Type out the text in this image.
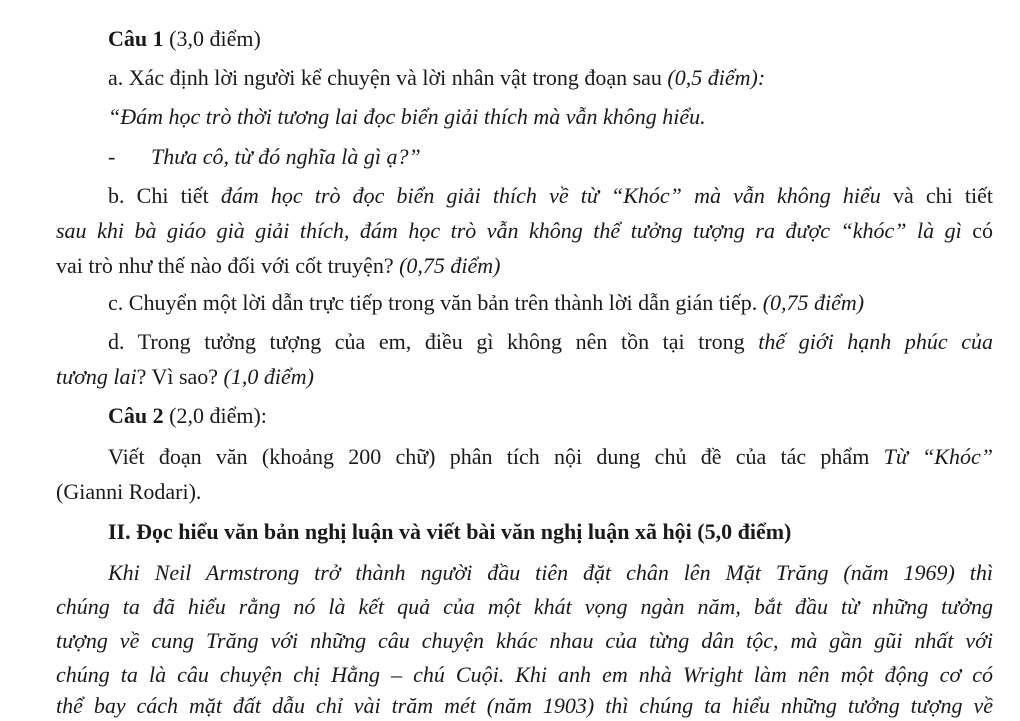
Câu 1 (3,0 điểm)
a. Xác định lời người kể chuyện và lời nhân vật trong đoạn sau (0,5 điểm):
“Đám học trò thời tương lai đọc biển giải thích mà vẫn không hiểu.
- Thưa cô, từ đó nghĩa là gì ạ?”
b. Chi tiết đám học trò đọc biển giải thích về từ “Khóc” mà vẫn không hiểu và chi tiết
sau khi bà giáo già giải thích, đám học trò vẫn không thể tưởng tượng ra được “khóc” là gì có
vai trò như thế nào đối với cốt truyện? (0,75 điểm)
c. Chuyển một lời dẫn trực tiếp trong văn bản trên thành lời dẫn gián tiếp. (0,75 điểm)
d. Trong tưởng tượng của em, điều gì không nên tồn tại trong thế giới hạnh phúc của
tương lai? Vì sao? (1,0 điểm)
Câu 2 (2,0 điểm):
Viết đoạn văn (khoảng 200 chữ) phân tích nội dung chủ đề của tác phẩm Từ “Khóc”
(Gianni Rodari).
II. Đọc hiểu văn bản nghị luận và viết bài văn nghị luận xã hội (5,0 điểm)
Khi Neil Armstrong trở thành người đầu tiên đặt chân lên Mặt Trăng (năm 1969) thì
chúng ta đã hiểu rằng nó là kết quả của một khát vọng ngàn năm, bắt đầu từ những tưởng
tượng về cung Trăng với những câu chuyện khác nhau của từng dân tộc, mà gần gũi nhất với
chúng ta là câu chuyện chị Hằng – chú Cuội. Khi anh em nhà Wright làm nên một động cơ có
thể bay cách mặt đất dẫu chỉ vài trăm mét (năm 1903) thì chúng ta hiểu những tưởng tượng về
